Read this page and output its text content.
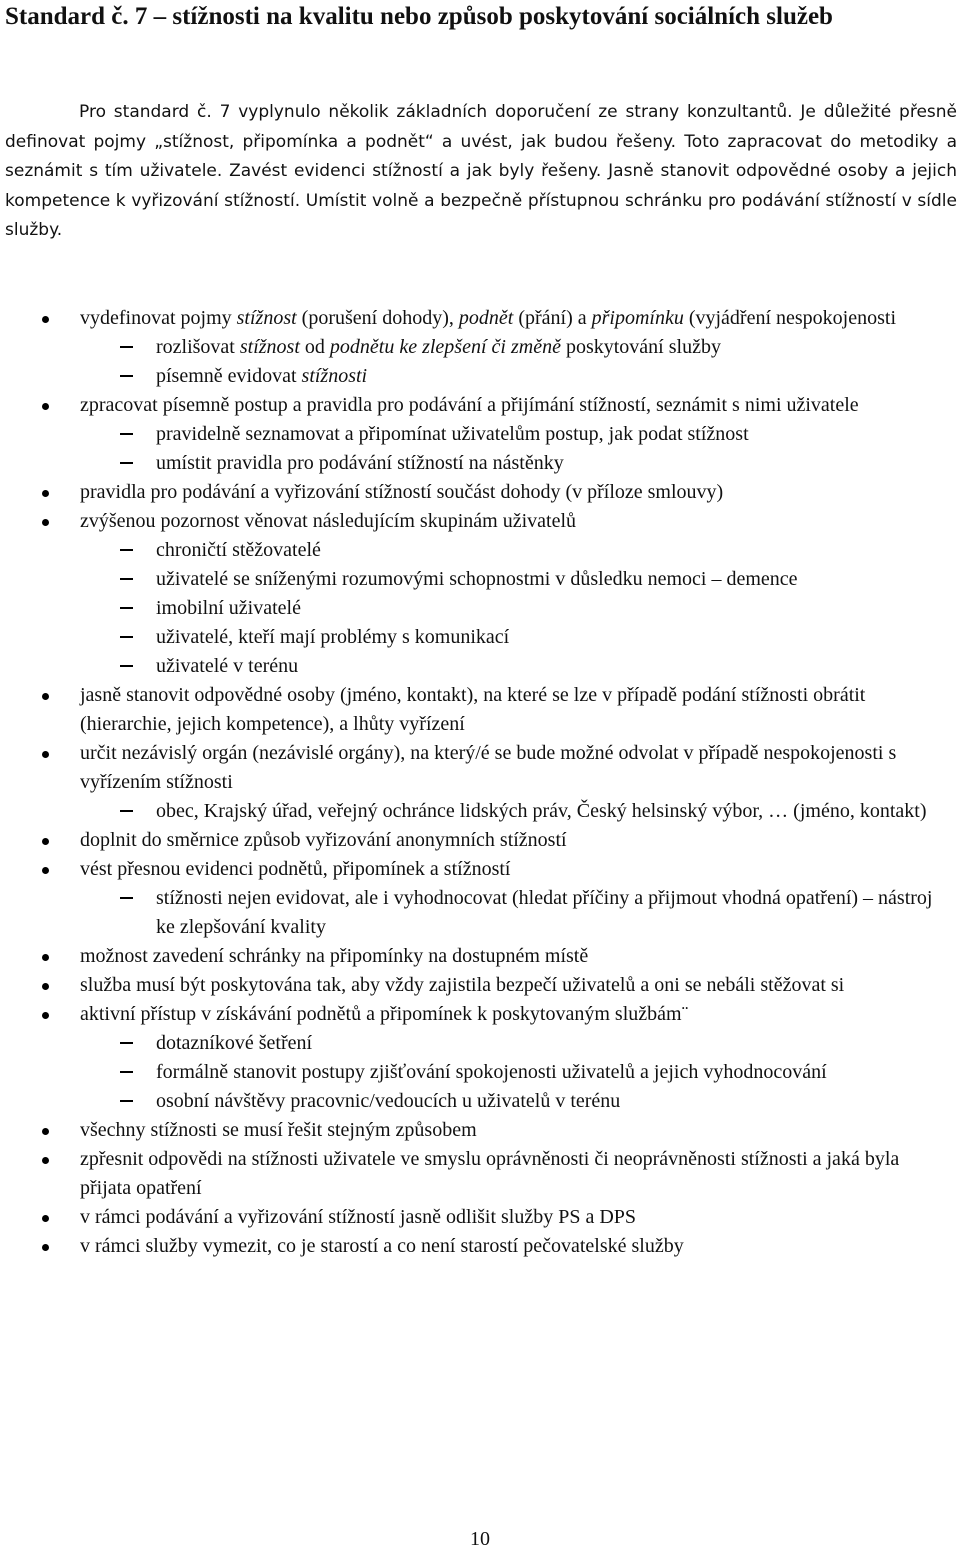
Standard č. 7 – stížnosti na kvalitu nebo způsob poskytování sociálních služeb

Pro standard č. 7 vyplynulo několik základních doporučení ze strany konzultantů. Je důležité přesně definovat pojmy „stížnost, připomínka a podnět“ a uvést, jak budou řešeny. Toto zapracovat do metodiky a seznámit s tím uživatele. Zavést evidenci stížností a jak byly řešeny. Jasně stanovit odpovědné osoby a jejich kompetence k vyřizování stížností. Umístit volně a bezpečně přístupnou schránku pro podávání stížností v sídle služby.

vydefinovat pojmy stížnost (porušení dohody), podnět (přání) a připomínku (vyjádření nespokojenosti
rozlišovat stížnost od podnětu ke zlepšení či změně poskytování služby
písemně evidovat stížnosti
zpracovat písemně postup a pravidla pro podávání a přijímání stížností, seznámit s nimi uživatele
pravidelně seznamovat a připomínat uživatelům postup, jak podat stížnost
umístit pravidla pro podávání stížností na nástěnky
pravidla pro podávání a vyřizování stížností součást dohody (v příloze smlouvy)
zvýšenou pozornost věnovat následujícím skupinám uživatelů
chroničtí stěžovatelé
uživatelé se sníženými rozumovými schopnostmi v důsledku nemoci – demence
imobilní uživatelé
uživatelé, kteří mají problémy s komunikací
uživatelé v terénu
jasně stanovit odpovědné osoby (jméno, kontakt), na které se lze v případě podání stížnosti obrátit (hierarchie, jejich kompetence), a lhůty vyřízení
určit nezávislý orgán (nezávislé orgány), na který/é se bude možné odvolat v případě nespokojenosti s vyřízením stížnosti
obec, Krajský úřad, veřejný ochránce lidských práv, Český helsinský výbor, … (jméno, kontakt)
doplnit do směrnice způsob vyřizování anonymních stížností
vést přesnou evidenci podnětů, připomínek a stížností
stížnosti nejen evidovat, ale i vyhodnocovat (hledat příčiny a přijmout vhodná opatření) – nástroj ke zlepšování kvality
možnost zavedení schránky na připomínky na dostupném místě
služba musí být poskytována tak, aby vždy zajistila bezpečí uživatelů a oni se nebáli stěžovat si
aktivní přístup v získávání podnětů a připomínek k poskytovaným službám¨
dotazníkové šetření
formálně stanovit postupy zjišťování spokojenosti uživatelů a jejich vyhodnocování
osobní návštěvy pracovnic/vedoucích u uživatelů v terénu
všechny stížnosti se musí řešit stejným způsobem
zpřesnit odpovědi na stížnosti uživatele ve smyslu oprávněnosti či neoprávněnosti stížnosti a jaká byla přijata opatření
v rámci podávání a vyřizování stížností jasně odlišit služby PS a DPS
v rámci služby vymezit, co je starostí a co není starostí pečovatelské služby
10
